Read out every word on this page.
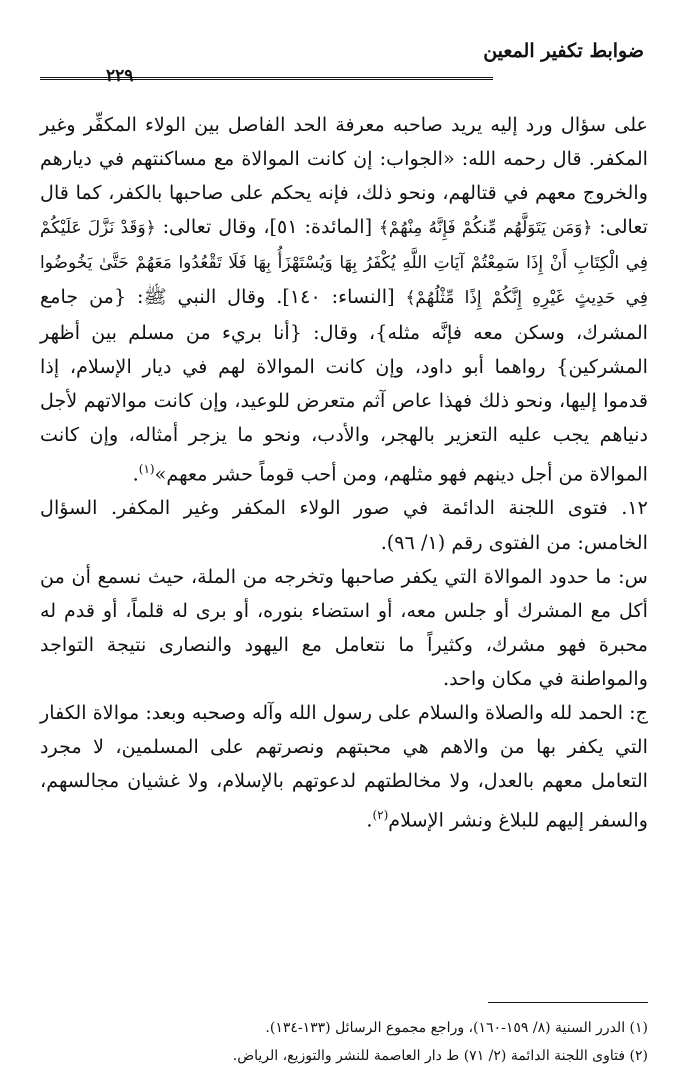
ضوابط تكفير المعين
٢٢٩

على سؤال ورد إليه يريد صاحبه معرفة الحد الفاصل بين الولاء المكفِّر وغير المكفر. قال رحمه الله: «الجواب: إن كانت الموالاة مع مساكنتهم في ديارهم والخروج معهم في قتالهم، ونحو ذلك، فإنه يحكم على صاحبها بالكفر، كما قال تعالى: ﴿وَمَن يَتَوَلَّهُم مِّنكُمْ فَإِنَّهُ مِنْهُمْ﴾ [المائدة: ٥١]، وقال تعالى: ﴿وَقَدْ نَزَّلَ عَلَيْكُمْ فِي الْكِتَابِ أَنْ إِذَا سَمِعْتُمْ آيَاتِ اللَّهِ يُكْفَرُ بِهَا وَيُسْتَهْزَأُ بِهَا فَلَا تَقْعُدُوا مَعَهُمْ حَتَّىٰ يَخُوضُوا فِي حَدِيثٍ غَيْرِهِ إِنَّكُمْ إِذًا مِّثْلُهُمْ﴾ [النساء: ١٤٠]. وقال النبي ﷺ: {من جامع المشرك، وسكن معه فإنَّه مثله}، وقال: {أنا بريء من مسلم بين أظهر المشركين} رواهما أبو داود، وإن كانت الموالاة لهم في ديار الإسلام، إذا قدموا إليها، ونحو ذلك فهذا عاص آثم متعرض للوعيد، وإن كانت موالاتهم لأجل دنياهم يجب عليه التعزير بالهجر، والأدب، ونحو ما يزجر أمثاله، وإن كانت الموالاة من أجل دينهم فهو مثلهم، ومن أحب قوماً حشر معهم»$^{(١)}$.

١٢. فتوى اللجنة الدائمة في صور الولاء المكفر وغير المكفر. السؤال الخامس: من الفتوى رقم (١/ ٩٦).

س: ما حدود الموالاة التي يكفر صاحبها وتخرجه من الملة، حيث نسمع أن من أكل مع المشرك أو جلس معه، أو استضاء بنوره، أو برى له قلماً، أو قدم له محبرة فهو مشرك، وكثيراً ما نتعامل مع اليهود والنصارى نتيجة التواجد والمواطنة في مكان واحد.

ج: الحمد لله والصلاة والسلام على رسول الله وآله وصحبه وبعد: موالاة الكفار التي يكفر بها من والاهم هي محبتهم ونصرتهم على المسلمين، لا مجرد التعامل معهم بالعدل، ولا مخالطتهم لدعوتهم بالإسلام، ولا غشيان مجالسهم، والسفر إليهم للبلاغ ونشر الإسلام$^{(٢)}$.

(١) الدرر السنية (٨/ ١٥٩-١٦٠)، وراجع مجموع الرسائل (١٣٣-١٣٤).
(٢) فتاوى اللجنة الدائمة (٢/ ٧١) ط دار العاصمة للنشر والتوزيع، الرياض.
